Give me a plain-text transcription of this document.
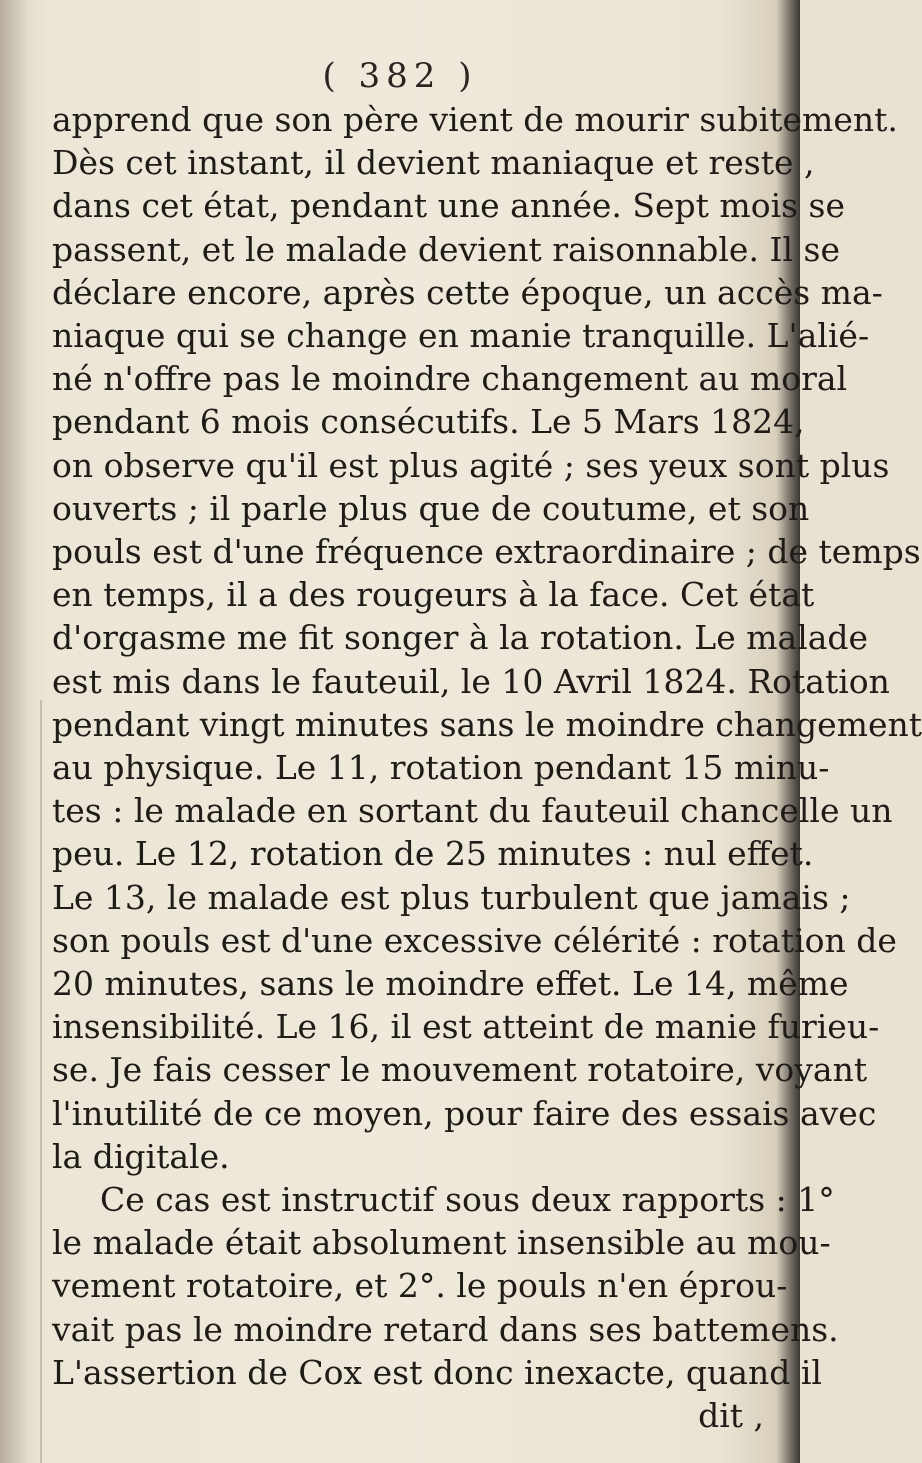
( 382 )
apprend que son père vient de mourir subitement.
Dès cet instant, il devient maniaque et reste ,
dans cet état, pendant une année. Sept mois se
passent, et le malade devient raisonnable. Il se
déclare encore, après cette époque, un accès ma-
niaque qui se change en manie tranquille. L'alié-
né n'offre pas le moindre changement au moral
pendant 6 mois consécutifs. Le 5 Mars 1824,
on observe qu'il est plus agité ; ses yeux sont plus
ouverts ; il parle plus que de coutume, et son
pouls est d'une fréquence extraordinaire ; de temps
en temps, il a des rougeurs à la face. Cet état
d'orgasme me fit songer à la rotation. Le malade
est mis dans le fauteuil, le 10 Avril 1824. Rotation
pendant vingt minutes sans le moindre changement
au physique. Le 11, rotation pendant 15 minu-
tes : le malade en sortant du fauteuil chancelle un
peu. Le 12, rotation de 25 minutes : nul effet.
Le 13, le malade est plus turbulent que jamais ;
son pouls est d'une excessive célérité : rotation de
20 minutes, sans le moindre effet. Le 14, même
insensibilité. Le 16, il est atteint de manie furieu-
se. Je fais cesser le mouvement rotatoire, voyant
l'inutilité de ce moyen, pour faire des essais avec
la digitale.
Ce cas est instructif sous deux rapports : 1°
le malade était absolument insensible au mou-
vement rotatoire, et 2°. le pouls n'en éprou-
vait pas le moindre retard dans ses battemens.
L'assertion de Cox est donc inexacte, quand il
dit ,
